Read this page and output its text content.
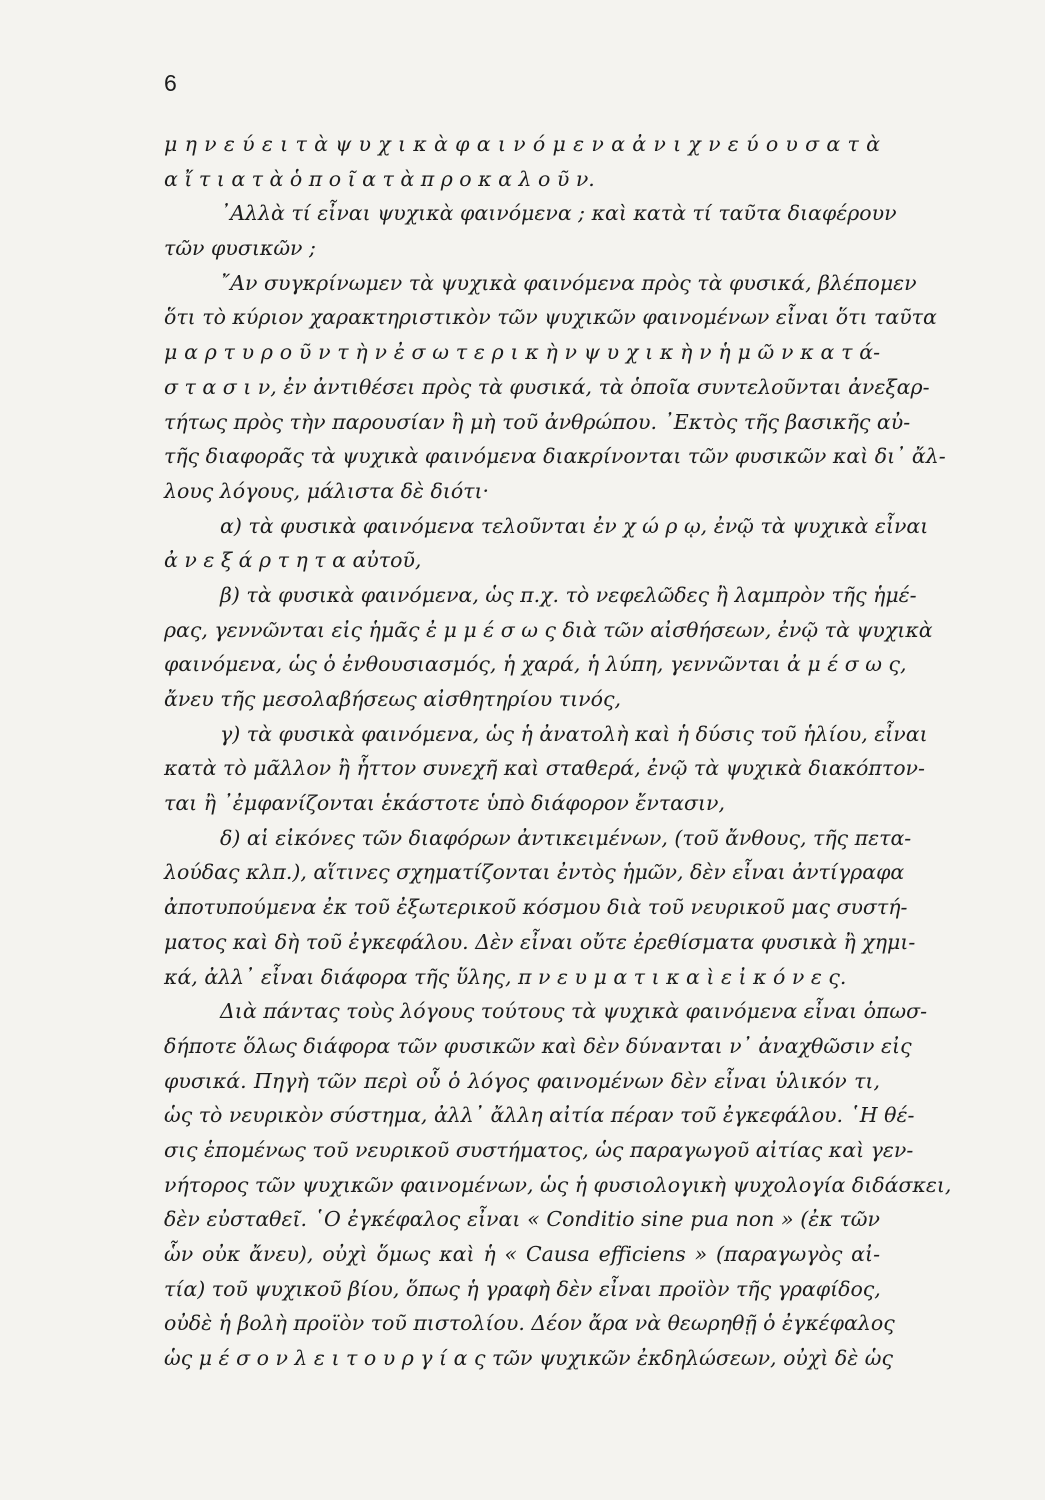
6
μ η ν ε ύ ε ι τ ὰ ψ υ χ ι κ ὰ φ α ι ν ό μ ε ν α ἀ ν ι χ ν ε ύ ο υ σ α τ ὰ
α ἴ τ ι α τ ὰ ὁ π ο ῖ α τ ὰ π ρ ο κ α λ ο ῦ ν.
᾿Αλλὰ τί εἶναι ψυχικὰ φαινόμενα ; καὶ κατὰ τί ταῦτα διαφέρουν
τῶν φυσικῶν ;
῎Αν συγκρίνωμεν τὰ ψυχικὰ φαινόμενα πρὸς τὰ φυσικά, βλέπομεν
ὅτι τὸ κύριον χαρακτηριστικὸν τῶν ψυχικῶν φαινομένων εἶναι ὅτι ταῦτα
μ α ρ τ υ ρ ο ῦ ν τ ὴ ν ἐ σ ω τ ε ρ ι κ ὴ ν ψ υ χ ι κ ὴ ν ἡ μ ῶ ν κ α τ ά-
σ τ α σ ι ν, ἐν ἀντιθέσει πρὸς τὰ φυσικά, τὰ ὁποῖα συντελοῦνται ἀνεξαρ-
τήτως πρὸς τὴν παρουσίαν ἢ μὴ τοῦ ἀνθρώπου. ᾿Εκτὸς τῆς βασικῆς αὐ-
τῆς διαφορᾶς τὰ ψυχικὰ φαινόμενα διακρίνονται τῶν φυσικῶν καὶ δι᾿ ἄλ-
λους λόγους, μάλιστα δὲ διότι·
α) τὰ φυσικὰ φαινόμενα τελοῦνται ἐν χ ώ ρ ῳ, ἐνῷ τὰ ψυχικὰ εἶναι
ἀ ν ε ξ ά ρ τ η τ α αὐτοῦ,
β) τὰ φυσικὰ φαινόμενα, ὡς π.χ. τὸ νεφελῶδες ἢ λαμπρὸν τῆς ἡμέ-
ρας, γεννῶνται εἰς ἡμᾶς ἐ μ μ έ σ ω ς διὰ τῶν αἰσθήσεων, ἐνῷ τὰ ψυχικὰ
φαινόμενα, ὡς ὁ ἐνθουσιασμός, ἡ χαρά, ἡ λύπη, γεννῶνται ἀ μ έ σ ω ς,
ἄνευ τῆς μεσολαβήσεως αἰσθητηρίου τινός,
γ) τὰ φυσικὰ φαινόμενα, ὡς ἡ ἀνατολὴ καὶ ἡ δύσις τοῦ ἡλίου, εἶναι
κατὰ τὸ μᾶλλον ἢ ἧττον συνεχῆ καὶ σταθερά, ἐνῷ τὰ ψυχικὰ διακόπτον-
ται ἢ ᾿ἐμφανίζονται ἑκάστοτε ὑπὸ διάφορον ἔντασιν,
δ) αἱ εἰκόνες τῶν διαφόρων ἀντικειμένων, (τοῦ ἄνθους, τῆς πετα-
λούδας κλπ.), αἵτινες σχηματίζονται ἐντὸς ἡμῶν, δὲν εἶναι ἀντίγραφα
ἀποτυπούμενα ἐκ τοῦ ἐξωτερικοῦ κόσμου διὰ τοῦ νευρικοῦ μας συστή-
ματος καὶ δὴ τοῦ ἐγκεφάλου. Δὲν εἶναι οὔτε ἐρεθίσματα φυσικὰ ἢ χημι-
κά, ἀλλ᾿ εἶναι διάφορα τῆς ὕλης, π ν ε υ μ α τ ι κ α ὶ ε ἰ κ ό ν ε ς.
Διὰ πάντας τοὺς λόγους τούτους τὰ ψυχικὰ φαινόμενα εἶναι ὁπωσ-
δήποτε ὅλως διάφορα τῶν φυσικῶν καὶ δὲν δύνανται ν᾿ ἀναχθῶσιν εἰς
φυσικά. Πηγὴ τῶν περὶ οὗ ὁ λόγος φαινομένων δὲν εἶναι ὑλικόν τι,
ὡς τὸ νευρικὸν σύστημα, ἀλλ᾿ ἄλλη αἰτία πέραν τοῦ ἐγκεφάλου. ῾Η θέ-
σις ἑπομένως τοῦ νευρικοῦ συστήματος, ὡς παραγωγοῦ αἰτίας καὶ γεν-
νήτορος τῶν ψυχικῶν φαινομένων, ὡς ἡ φυσιολογικὴ ψυχολογία διδάσκει,
δὲν εὐσταθεῖ. ῾Ο ἐγκέφαλος εἶναι « Conditio sine pua non » (ἐκ τῶν
ὧν οὐκ ἄνευ), οὐχὶ ὅμως καὶ ἡ « Causa efficiens » (παραγωγὸς αἰ-
τία) τοῦ ψυχικοῦ βίου, ὅπως ἡ γραφὴ δὲν εἶναι προϊὸν τῆς γραφίδος,
οὐδὲ ἡ βολὴ προϊὸν τοῦ πιστολίου. Δέον ἄρα νὰ θεωρηθῇ ὁ ἐγκέφαλος
ὡς μ έ σ ο ν λ ε ι τ ο υ ρ γ ί α ς τῶν ψυχικῶν ἐκδηλώσεων, οὐχὶ δὲ ὡς
